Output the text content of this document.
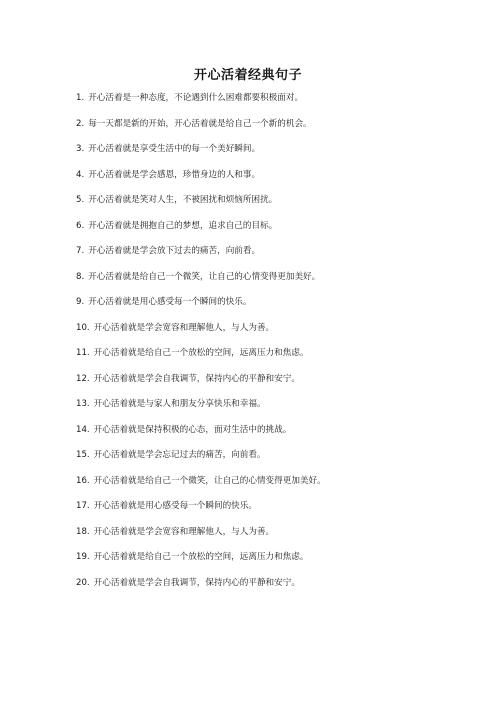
开心活着经典句子
1. 开心活着是一种态度，不论遇到什么困难都要积极面对。
2. 每一天都是新的开始，开心活着就是给自己一个新的机会。
3. 开心活着就是享受生活中的每一个美好瞬间。
4. 开心活着就是学会感恩，珍惜身边的人和事。
5. 开心活着就是笑对人生，不被困扰和烦恼所困扰。
6. 开心活着就是拥抱自己的梦想，追求自己的目标。
7. 开心活着就是学会放下过去的痛苦，向前看。
8. 开心活着就是给自己一个微笑，让自己的心情变得更加美好。
9. 开心活着就是用心感受每一个瞬间的快乐。
10. 开心活着就是学会宽容和理解他人，与人为善。
11. 开心活着就是给自己一个放松的空间，远离压力和焦虑。
12. 开心活着就是学会自我调节，保持内心的平静和安宁。
13. 开心活着就是与家人和朋友分享快乐和幸福。
14. 开心活着就是保持积极的心态，面对生活中的挑战。
15. 开心活着就是学会忘记过去的痛苦，向前看。
16. 开心活着就是给自己一个微笑，让自己的心情变得更加美好。
17. 开心活着就是用心感受每一个瞬间的快乐。
18. 开心活着就是学会宽容和理解他人，与人为善。
19. 开心活着就是给自己一个放松的空间，远离压力和焦虑。
20. 开心活着就是学会自我调节，保持内心的平静和安宁。
